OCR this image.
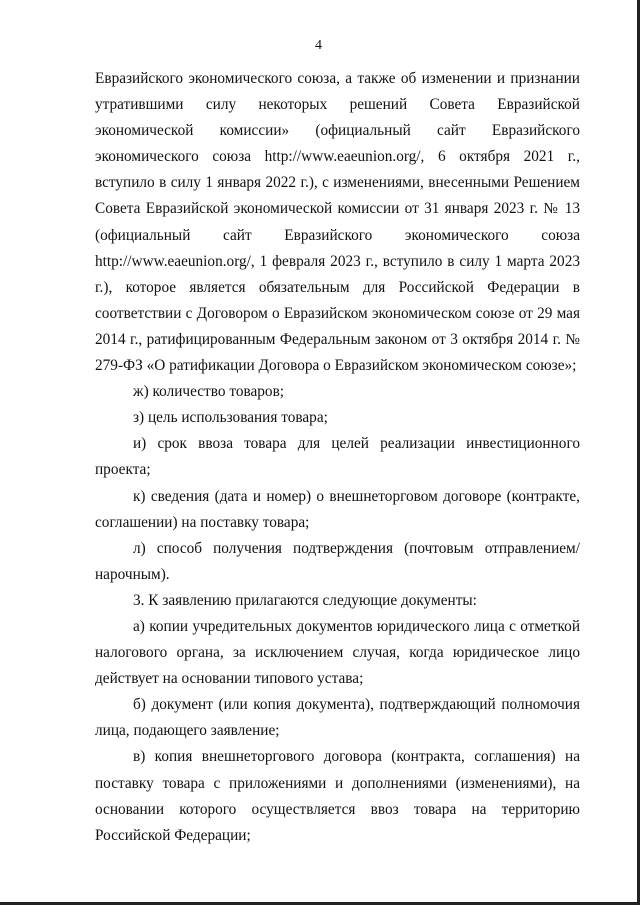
4

Евразийского экономического союза, а также об изменении и признании утратившими силу некоторых решений Совета Евразийской экономической комиссии» (официальный сайт Евразийского экономического союза http://www.eaeunion.org/, 6 октября 2021 г., вступило в силу 1 января 2022 г.), с изменениями, внесенными Решением Совета Евразийской экономической комиссии от 31 января 2023 г. № 13 (официальный сайт Евразийского экономического союза http://www.eaeunion.org/, 1 февраля 2023 г., вступило в силу 1 марта 2023 г.), которое является обязательным для Российской Федерации в соответствии с Договором о Евразийском экономическом союзе от 29 мая 2014 г., ратифицированным Федеральным законом от 3 октября 2014 г. № 279-ФЗ «О ратификации Договора о Евразийском экономическом союзе»;

ж) количество товаров;

з) цель использования товара;

и) срок ввоза товара для целей реализации инвестиционного проекта;

к) сведения (дата и номер) о внешнеторговом договоре (контракте, соглашении) на поставку товара;

л) способ получения подтверждения (почтовым отправлением/ нарочным).

3. К заявлению прилагаются следующие документы:

а) копии учредительных документов юридического лица с отметкой налогового органа, за исключением случая, когда юридическое лицо действует на основании типового устава;

б) документ (или копия документа), подтверждающий полномочия лица, подающего заявление;

в) копия внешнеторгового договора (контракта, соглашения) на поставку товара с приложениями и дополнениями (изменениями), на основании которого осуществляется ввоз товара на территорию Российской Федерации;
